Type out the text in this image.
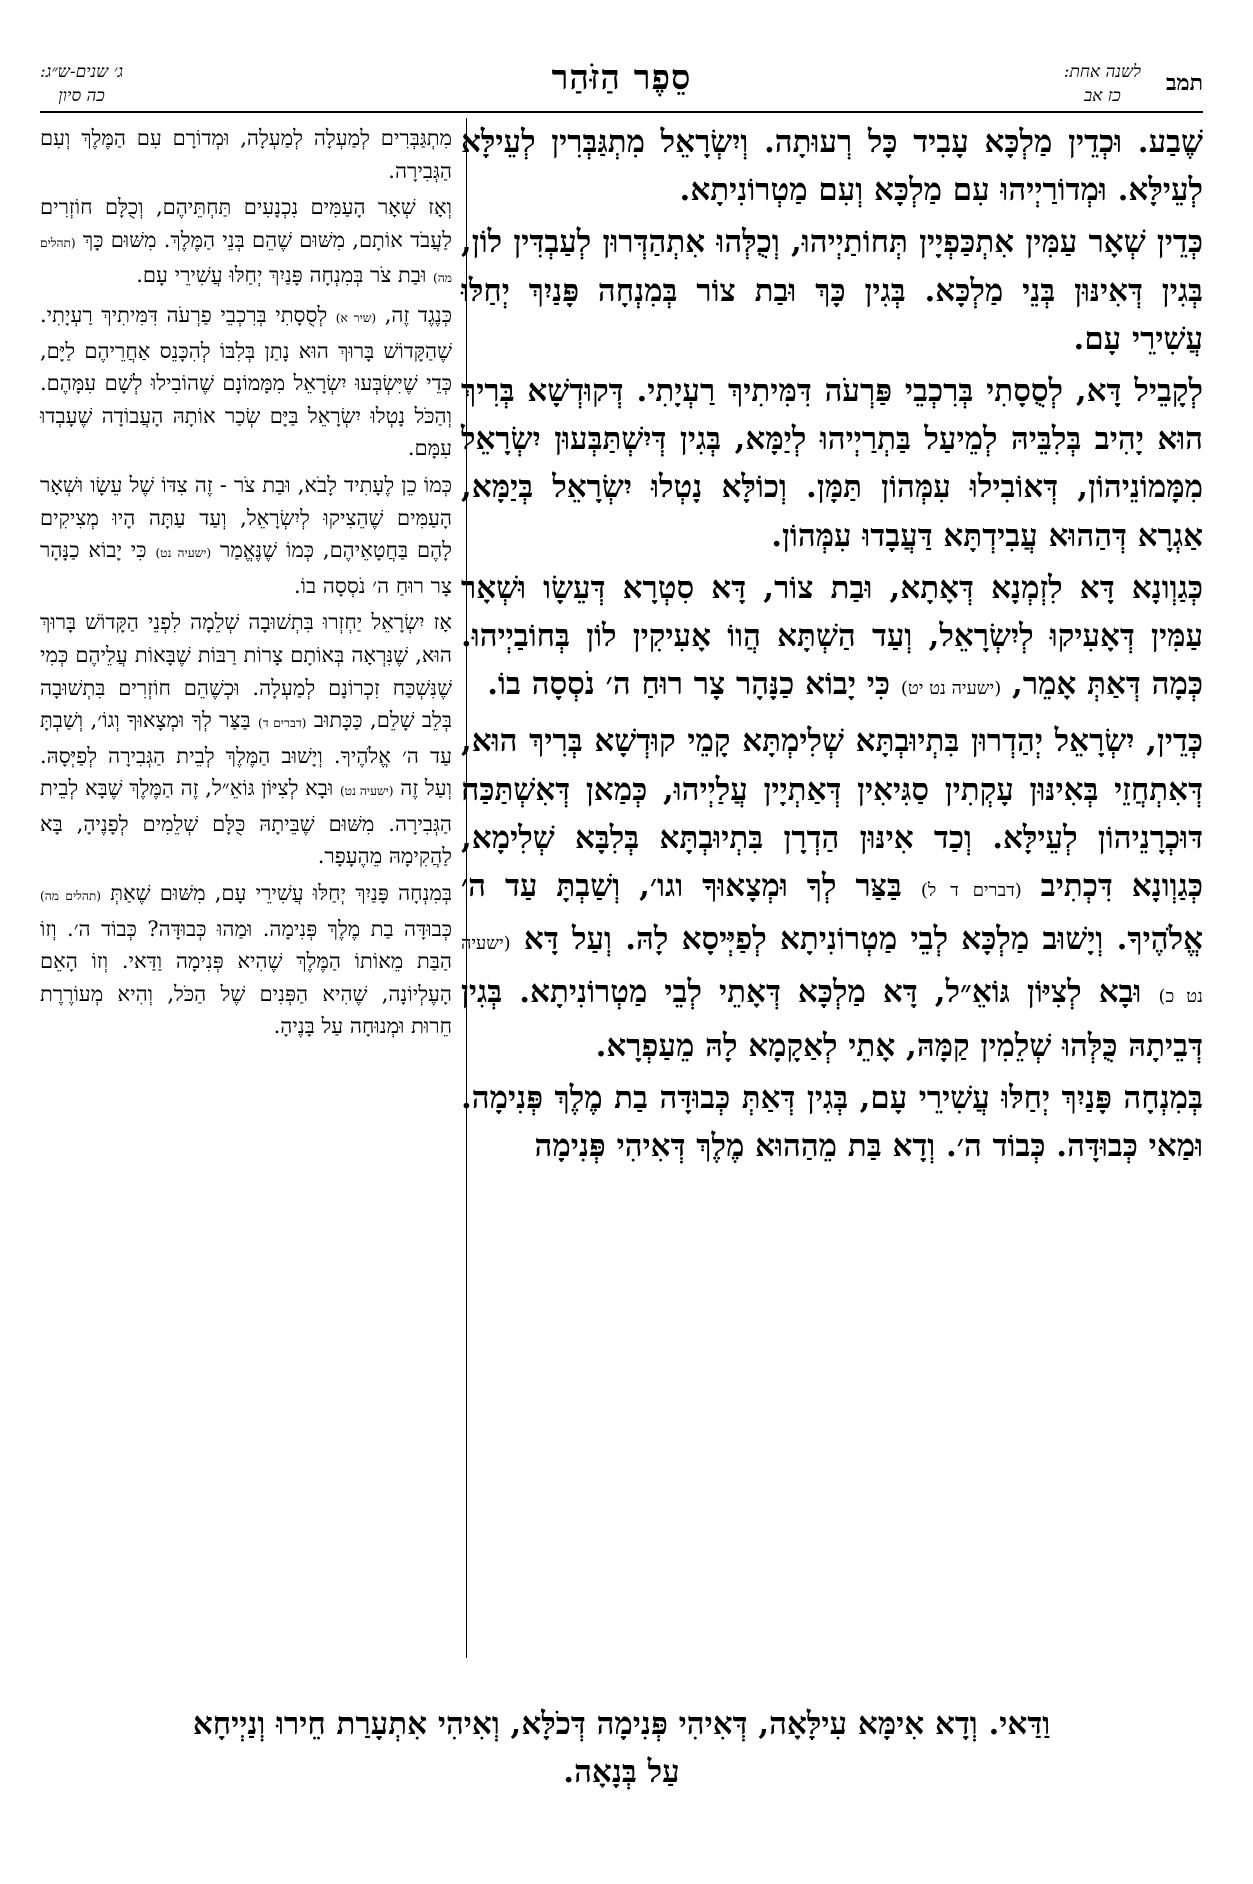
תמב
לשנה אחת:
כז אב
סֵפֶר הַזֹּהַר
ג׳ שנים-ש״ג:
כה סיון

שֶׁבַע. וּכְדֵין מַלְכָּא עָבִיד כָּל רְעוּתָה. וְיִשְׂרָאֵל מִתְגַּבְּרִין לְעֵילָּא לְעֵילָּא. וּמְדוֹרַיְיהוּ עִם מַלְכָּא וְעִם מַטְרוֹנִיתָא.

כְּדֵין שְׁאָר עַמִּין אִתְכַּפְיָין תְּחוֹתַיְיהוּ, וְכֻלְּהוּ אִתְהַדְּרוּן לְעַבְדִּין לוֹן, בְּגִין דְּאִינּוּן בְּנֵי מַלְכָּא. בְּגִין כָּךְ וּבַת צוֹר בְּמִנְחָה פָּנַיִךְ יְחַלּוּ עֲשִׁירֵי עָם.

לְקָבֵיל דָּא, לְסֻסָתִי בְּרִכְבֵי פַּרְעֹה דִּמִּיתִיךְ רַעְיָתִי. דְּקוּדְשָׁא בְּרִיךְ הוּא יָהִיב בְּלִבֵּיהּ לְמֵיעַל בַּתְרַיְיהוּ לְיַמָּא, בְּגִין דְּיִשְׁתַּבְּעוּן יִשְׂרָאֵל מִמָּמוֹנֵיהוֹן, דְּאוֹבִילוּ עִמְּהוֹן תַּמָּן. וְכוֹלָּא נָטְלוּ יִשְׂרָאֵל בְּיַמָּא, אַגְרָא דְּהַהוּא עֲבִידְתָּא דַּעֲבָדוּ עִמְּהוֹן.

כְּגַוְונָא דָּא לִזְמְנָא דְּאָתָא, וּבַת צוֹר, דָּא סִטְרָא דְּעֵשָׂו וּשְׁאָר עַמִּין דְּאָעִיקוּ לְיִשְׂרָאֵל, וְעַד הַשְׁתָּא הֲווֹ אָעִיקִין לוֹן בְּחוֹבַיְיהוּ. כְּמָה דְּאַתְּ אָמֵר, (ישעיה נט יט) כִּי יָבוֹא כַנָּהָר צָר רוּחַ ה׳ נֹסְסָה בוֹ.

כְּדֵין, יִשְׂרָאֵל יְהַדְרוּן בִּתְיוּבְתָּא שְׁלִימְתָּא קָמֵי קוּדְשָׁא בְּרִיךְ הוּא, דְּאִתְחֲזֵי בְּאִינּוּן עָקְתִין סַגִּיאִין דְּאַתְיָין עֲלַיְיהוּ, כְּמַאן דְּאִשְׁתַּכַּח דּוּכְרָנֵיהוֹן לְעֵילָּא. וְכַד אִינּוּן הַדְרָן בִּתְיוּבְתָּא בְּלִבָּא שְׁלִימָא, כְּגַוְונָא דִּכְתִיב (דברים ד ל) בַּצַּר לְךָ וּמְצָאוּךָ וגו׳, וְשַׁבְתָּ עַד ה׳ אֱלֹהֶיךָ. וְיָשׁוּב מַלְכָּא לְבֵי מַטְרוֹנִיתָא לְפַיְּיסָא לָהּ. וְעַל דָּא (ישעיה נט כ) וּבָא לְצִיּוֹן גּוֹאֵ״ל, דָּא מַלְכָּא דְּאָתֵי לְבֵי מַטְרוֹנִיתָא. בְּגִין דְּבֵיתָהּ כֻּלְּהוּ שְׁלֵמִין קַמָּהּ, אָתֵי לְאַקָמָא לָהּ מֵעַפְרָא.

בְּמִנְחָה פָּנַיִךְ יְחַלּוּ עֲשִׁירֵי עָם, בְּגִין דְּאַתְּ כְּבוּדָּה בַת מֶלֶךְ פְּנִימָה. וּמַאי כְּבוּדָּה. כְּבוֹד ה׳. וְדָא בַּת מֵהַהוּא מֶלֶךְ דְּאִיהִי פְּנִימָה

מִתְגַּבְּרִים לְמַעְלָה לְמַעְלָה, וּמְדוֹרָם עִם הַמֶּלֶךְ וְעִם הַגְּבִירָה.

וְאָז שְׁאָר הָעַמִּים נִכְנָעִים תַּחְתֵּיהֶם, וְכֻלָּם חוֹזְרִים לַעֲבֹד אוֹתָם, מִשּׁוּם שֶׁהֵם בְּנֵי הַמֶּלֶךְ. מִשּׁוּם כָּךְ (תהלים מה) וּבַת צֹר בְּמִנְחָה פָּנַיִךְ יְחַלּוּ עֲשִׁירֵי עָם.

כְּנֶגֶד זֶה, (שיר א) לְסֻסָתִי בְּרִכְבֵי פַרְעֹה דִּמִּיתִיךְ רַעְיָתִי. שֶׁהַקָּדוֹשׁ בָּרוּךְ הוּא נָתַן בְּלִבּוֹ לְהִכָּנֵס אַחֲרֵיהֶם לַיָּם, כְּדֵי שֶׁיִּשְׂבְּעוּ יִשְׂרָאֵל מִמָּמוֹנָם שֶׁהוֹבִילוּ לְשָׁם עִמָּהֶם. וְהַכֹּל נָטְלוּ יִשְׂרָאֵל בַּיָּם שְׂכַר אוֹתָהּ הָעֲבוֹדָה שֶׁעָבְדוּ עִמָּם.

כְּמוֹ כֵן לֶעָתִיד לָבֹא, וּבַת צֹר - זֶה צִדּוֹ שֶׁל עֵשָׂו וּשְׁאָר הָעַמִּים שֶׁהֵצִיקוּ לְיִשְׂרָאֵל, וְעַד עַתָּה הָיוּ מְצִיקִים לָהֶם בַּחֲטָאֵיהֶם, כְּמוֹ שֶׁנֶּאֱמַר (ישעיה נט) כִּי יָבוֹא כַנָּהָר צָר רוּחַ ה׳ נֹסְסָה בוֹ.

אָז יִשְׂרָאֵל יַחְזְרוּ בִּתְשׁוּבָה שְׁלֵמָה לִפְנֵי הַקָּדוֹשׁ בָּרוּךְ הוּא, שֶׁנִּרְאָה בְּאוֹתָם צָרוֹת רַבּוֹת שֶׁבָּאוֹת עֲלֵיהֶם כְּמִי שֶׁנִּשְׁכַּח זִכְרוֹנָם לְמַעְלָה. וּכְשֶׁהֵם חוֹזְרִים בִּתְשׁוּבָה בְּלֵב שָׁלֵם, כַּכָּתוּב (דברים ד) בַּצַּר לְךָ וּמְצָאוּךָ וְגוֹ׳, וְשַׁבְתָּ עַד ה׳ אֱלֹהֶיךָ. וְיָשׁוּב הַמֶּלֶךְ לְבֵית הַגְּבִירָה לְפַיְּסָהּ. וְעַל זֶה (ישעיה נט) וּבָא לְצִיּוֹן גּוֹאֵ״ל, זֶה הַמֶּלֶךְ שֶׁבָּא לְבֵית הַגְּבִירָה. מִשּׁוּם שֶׁבֵּיתָהּ כֻּלָּם שְׁלֵמִים לְפָנֶיהָ, בָּא לַהֲקִימָהּ מֵהֶעָפָר.

בְּמִנְחָה פָּנַיִךְ יְחַלּוּ עֲשִׁירֵי עָם, מִשּׁוּם שֶׁאַתְּ (תהלים מה) כְּבוּדָּה בַת מֶלֶךְ פְּנִימָה. וּמַהוּ כְּבוּדָּה? כְּבוֹד ה׳. וְזוֹ הַבַּת מֵאוֹתוֹ הַמֶּלֶךְ שֶׁהִיא פְּנִימָה וַדַּאי. וְזוֹ הָאֵם הָעֶלְיוֹנָה, שֶׁהִיא הַפְּנִים שֶׁל הַכֹּל, וְהִיא מְעוֹרֶרֶת חֵרוּת וּמְנוּחָה עַל בָּנֶיהָ.

וַדַּאי. וְדָא אִימָּא עִילָּאָה, דְּאִיהִי פְּנִימָה דְּכֹלָּא, וְאִיהִי אִתְעָרַת חֵירוּ וְנַיְיחָא
עַל בְּנָאָה.
